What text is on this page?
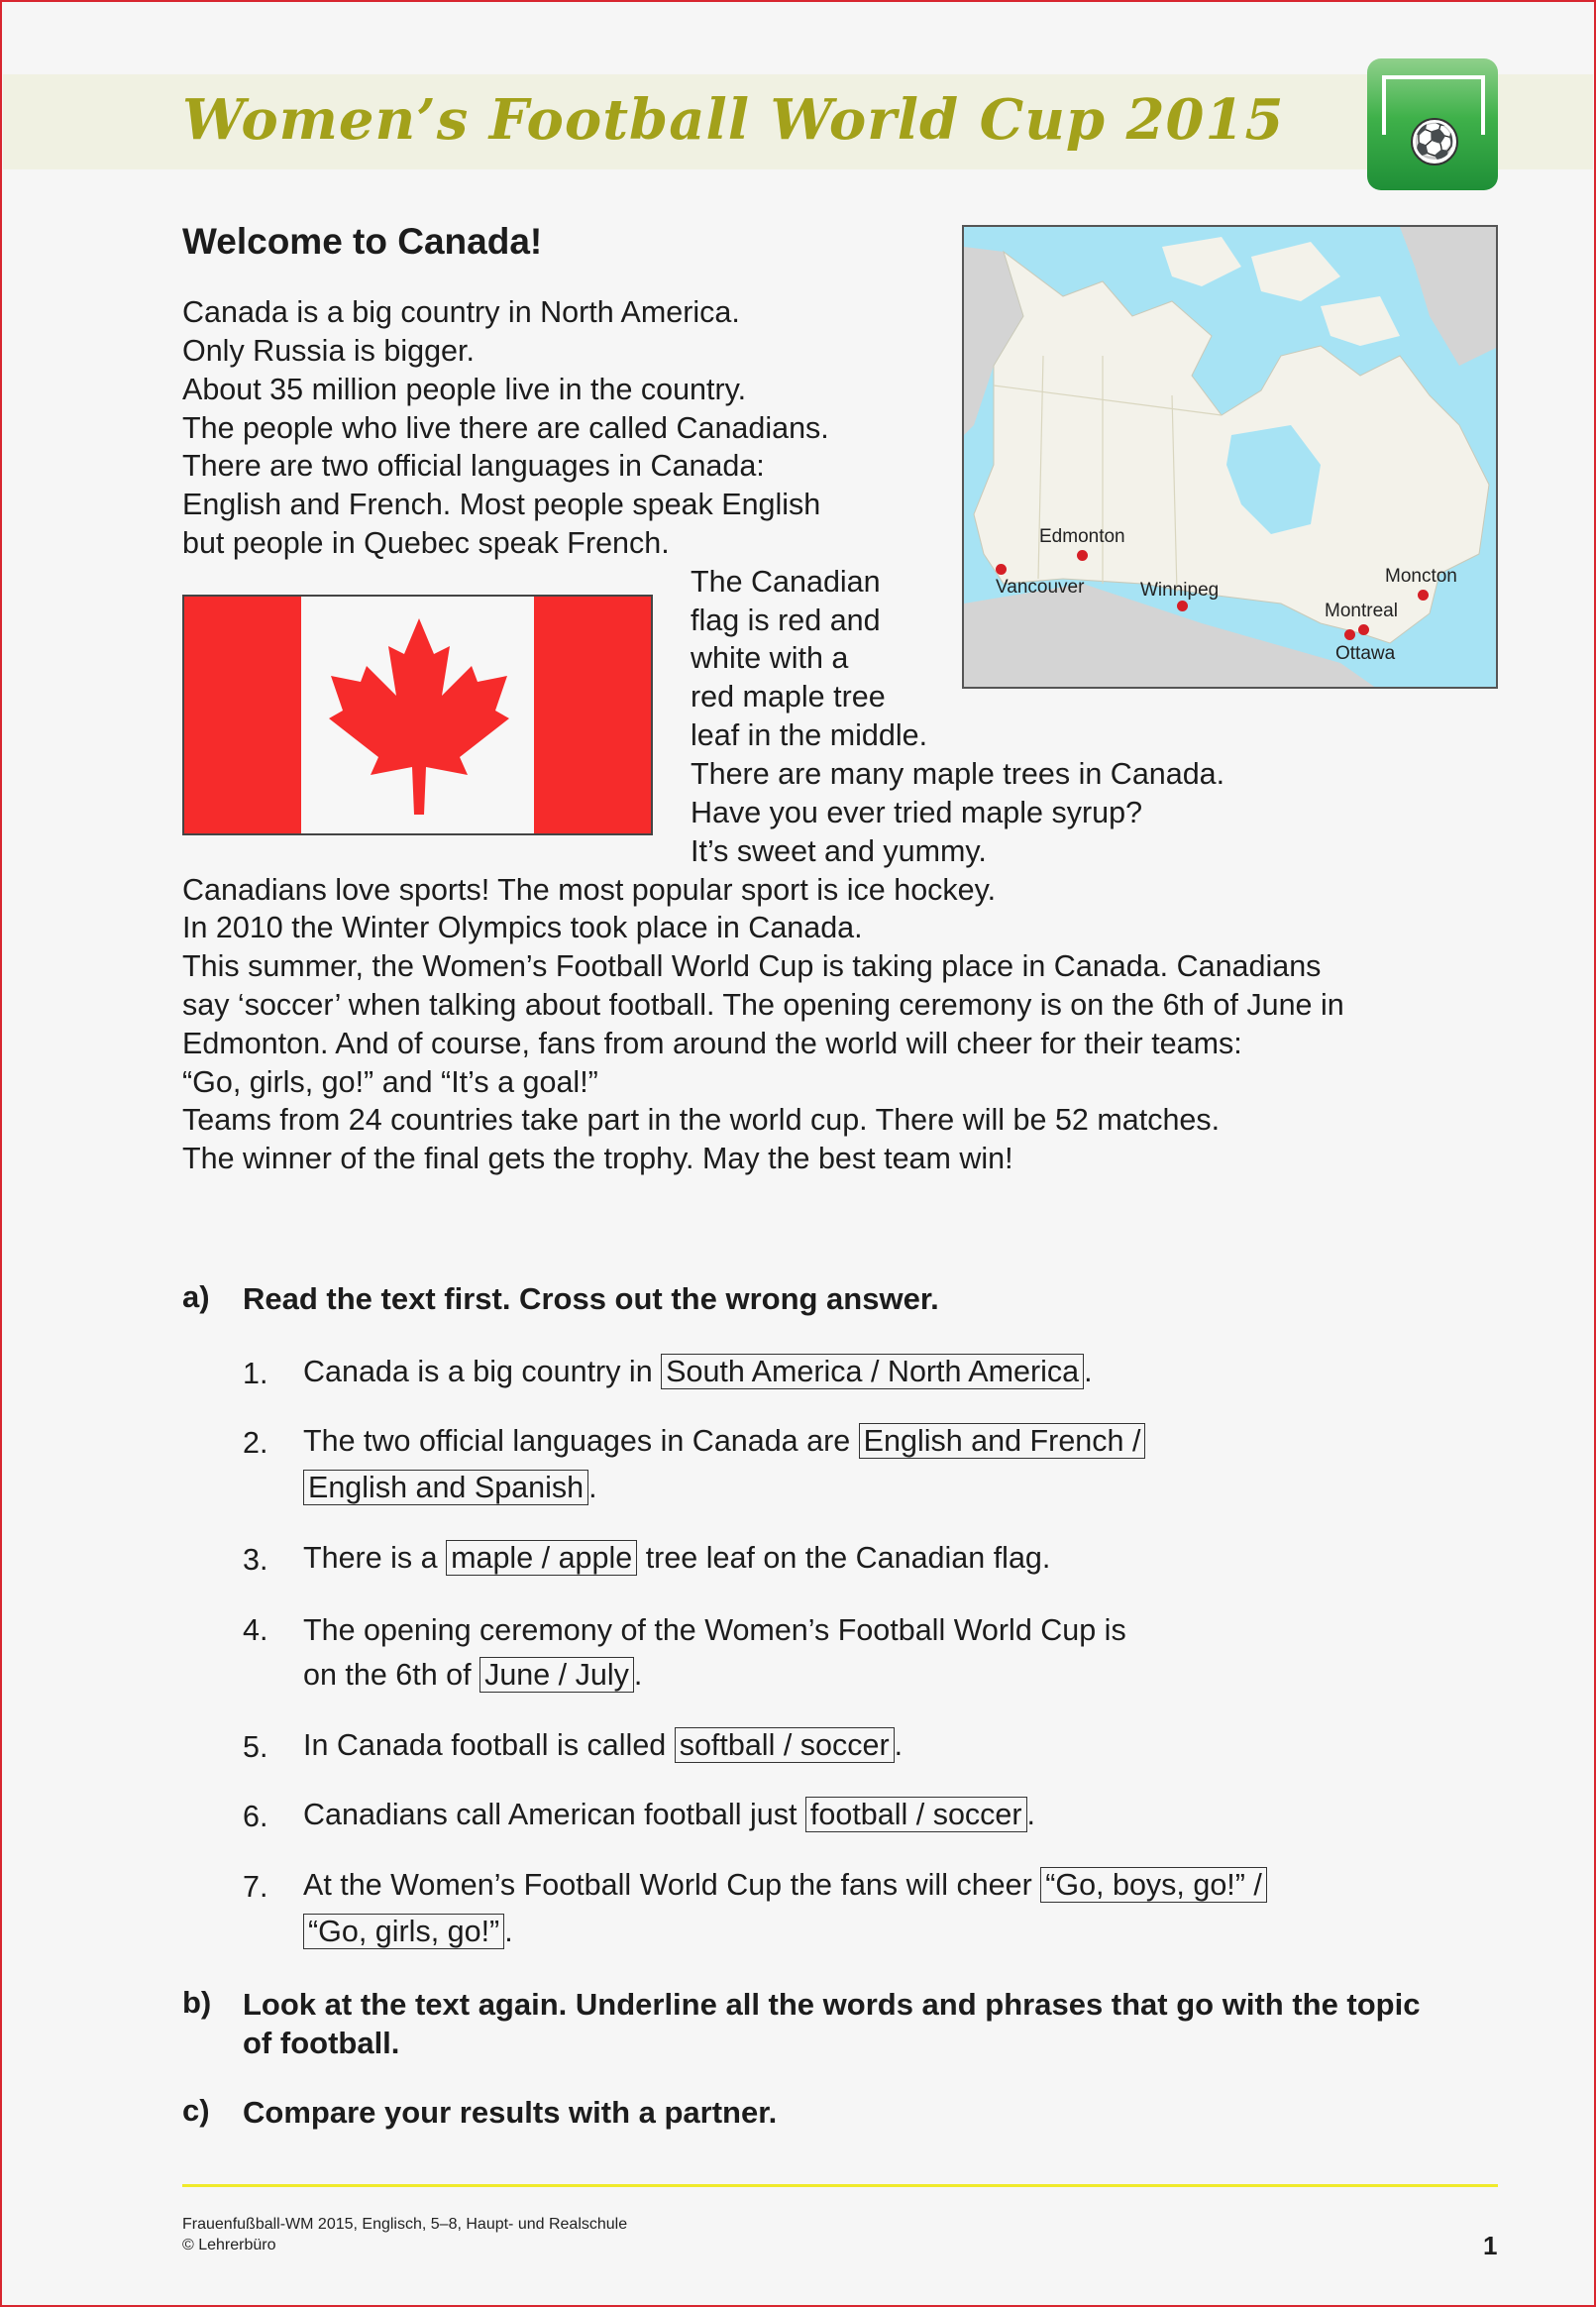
Women’s Football World Cup 2015	⚽
Welcome to Canada!
Canada is a big country in North America.
Only Russia is bigger.
About 35 million people live in the country.
The people who live there are called Canadians.
There are two official languages in Canada:
English and French. Most people speak English
but people in Quebec speak French.
The Canadian
flag is red and
white with a
red maple tree
leaf in the middle.
There are many maple trees in Canada.
Have you ever tried maple syrup?
It’s sweet and yummy.
Canadians love sports! The most popular sport is ice hockey.
In 2010 the Winter Olympics took place in Canada.
This summer, the Women’s Football World Cup is taking place in Canada. Canadians
say ‘soccer’ when talking about football. The opening ceremony is on the 6th of June in
Edmonton. And of course, fans from around the world will cheer for their teams:
“Go, girls, go!” and “It’s a goal!”
Teams from 24 countries take part in the world cup. There will be 52 matches.
The winner of the final gets the trophy. May the best team win!
Edmonton
Vancouver	Winnipeg
Moncton
Montreal
Ottawa
a) Read the text first. Cross out the wrong answer.
1. Canada is a big country in South America / North America .
2. The two official languages in Canada are English and French /
English and Spanish .
3. There is a maple / apple tree leaf on the Canadian flag.
4. The opening ceremony of the Women’s Football World Cup is
on the 6th of June / July .
5. In Canada football is called softball / soccer .
6. Canadians call American football just football / soccer .
7. At the Women’s Football World Cup the fans will cheer “Go, boys, go!” /
“Go, girls, go!” .
b) Look at the text again. Underline all the words and phrases that go with the topic of football.
c) Compare your results with a partner.
Frauenfußball-WM 2015, Englisch, 5–8, Haupt- und Realschule
© Lehrerbüro	1
